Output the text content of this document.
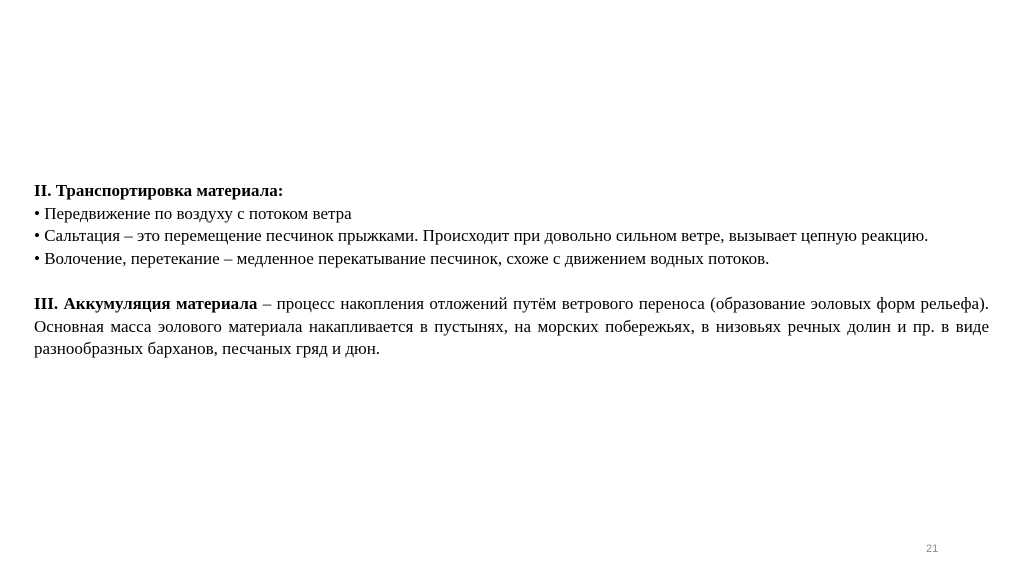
II. Транспортировка материала:

• Передвижение по воздуху с потоком ветра

• Сальтация – это перемещение песчинок прыжками. Происходит при довольно сильном ветре, вызывает цепную реакцию.

• Волочение, перетекание – медленное перекатывание песчинок, схоже с движением водных потоков.

III. Аккумуляция материала – процесс накопления отложений путём ветрового переноса (образование эоловых форм рельефа). Основная масса эолового материала накапливается в пустынях, на морских побережьях, в низовьях речных долин и пр. в виде разнообразных барханов, песчаных гряд и дюн.

21
